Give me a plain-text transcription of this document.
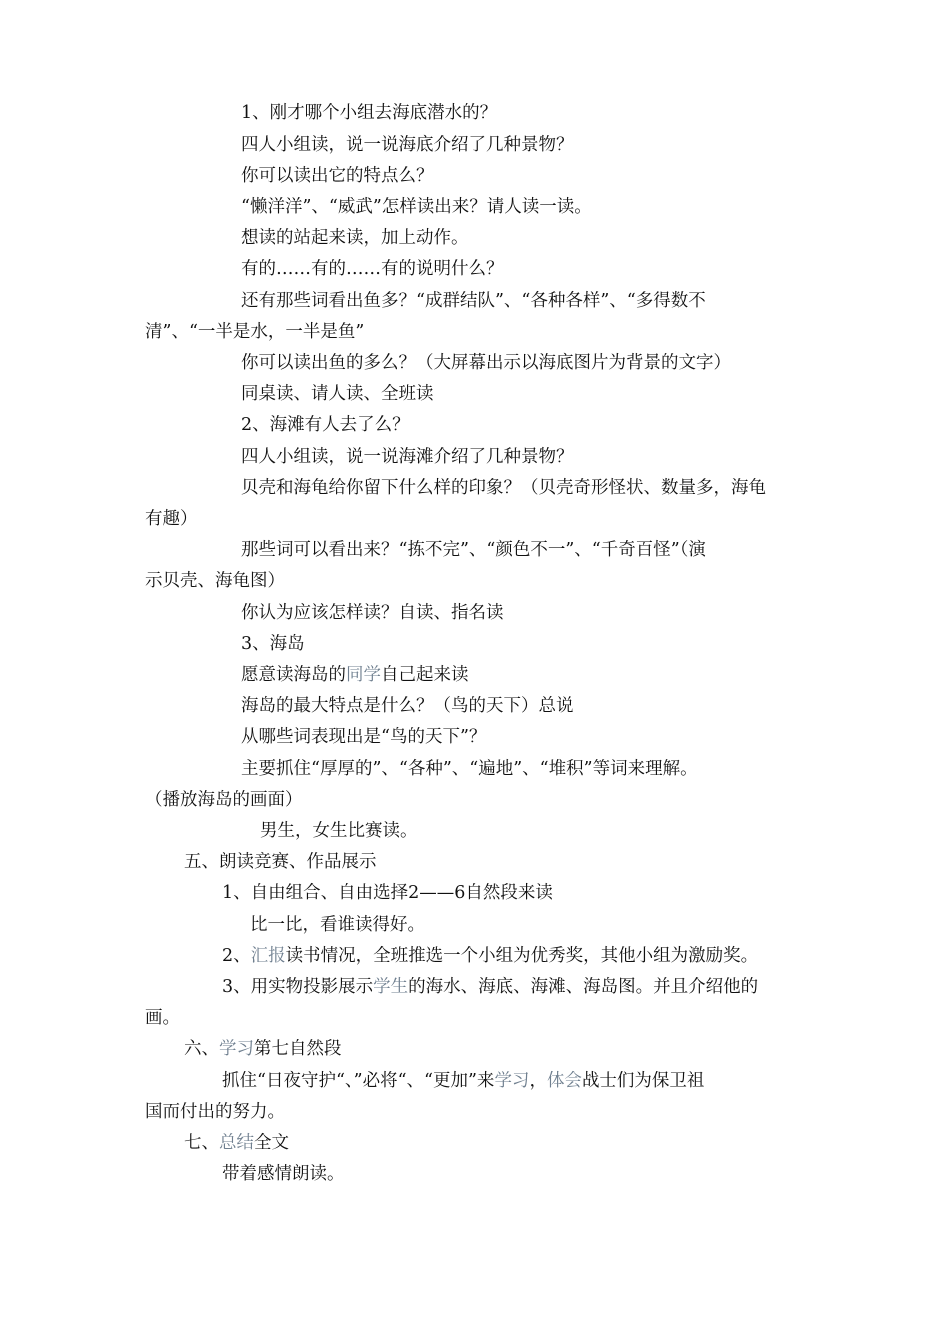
1、刚才哪个小组去海底潜水的？
四人小组读，说一说海底介绍了几种景物？
你可以读出它的特点么？
“懒洋洋”、“威武”怎样读出来？请人读一读。
想读的站起来读，加上动作。
有的……有的……有的说明什么？
还有那些词看出鱼多？“成群结队”、“各种各样”、“多得数不
清”、“一半是水，一半是鱼”
你可以读出鱼的多么？（大屏幕出示以海底图片为背景的文字）
同桌读、请人读、全班读
2、海滩有人去了么？
四人小组读，说一说海滩介绍了几种景物？
贝壳和海龟给你留下什么样的印象？（贝壳奇形怪状、数量多，海龟
有趣）
那些词可以看出来？“拣不完”、“颜色不一”、“千奇百怪”（演
示贝壳、海龟图）
你认为应该怎样读？自读、指名读
3、海岛
愿意读海岛的同学自己起来读
海岛的最大特点是什么？（鸟的天下）总说
从哪些词表现出是“鸟的天下”？
主要抓住“厚厚的”、“各种”、“遍地”、“堆积”等词来理解。
（播放海岛的画面）
男生，女生比赛读。
五、朗读竞赛、作品展示
1、自由组合、自由选择2——6自然段来读
比一比，看谁读得好。
2、汇报读书情况，全班推选一个小组为优秀奖，其他小组为激励奖。
3、用实物投影展示学生的海水、海底、海滩、海岛图。并且介绍他的
画。
六、学习第七自然段
抓住“日夜守护“、”必将“、“更加”来学习，体会战士们为保卫祖
国而付出的努力。
七、总结全文
带着感情朗读。
